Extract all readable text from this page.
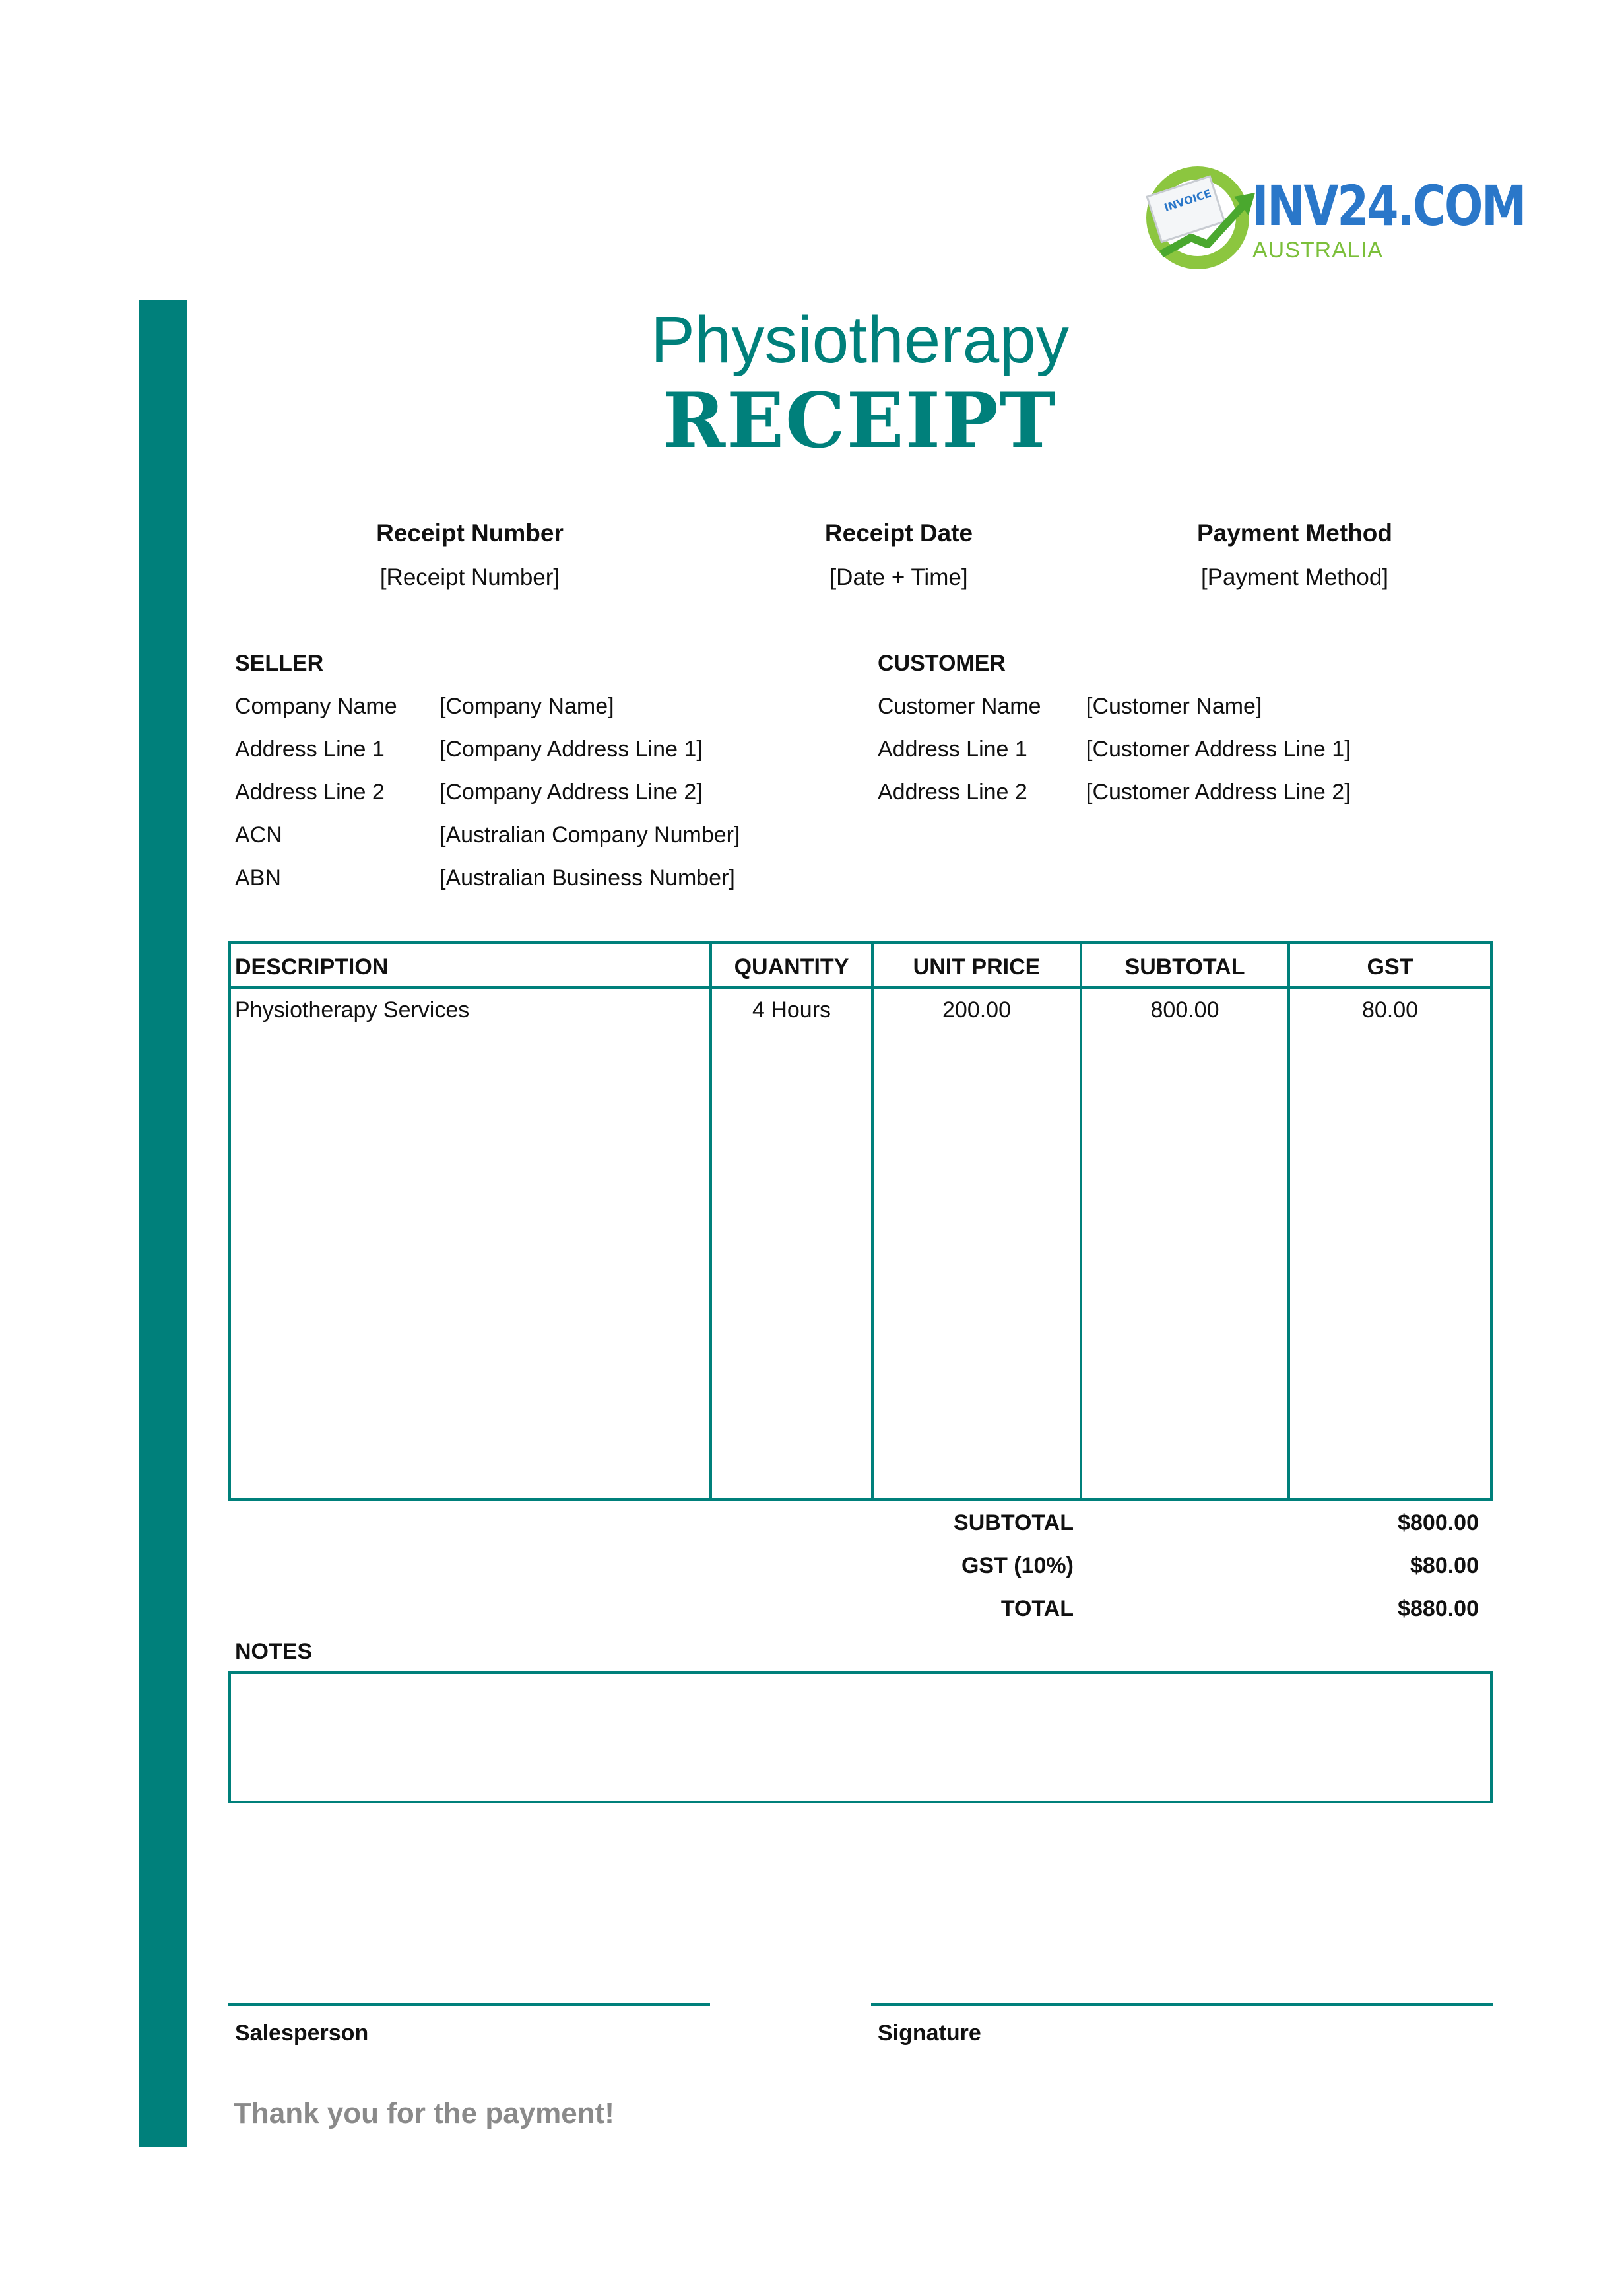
INVOICE INV24.COM
AUSTRALIA
Physiotherapy
RECEIPT
Receipt Number
[Receipt Number]
Receipt Date
[Date + Time]
Payment Method
[Payment Method]
SELLER
Company Name [Company Name]
Address Line 1 [Company Address Line 1]
Address Line 2 [Company Address Line 2]
ACN	[Australian Company Number]
ABN	[Australian Business Number]
CUSTOMER
Customer Name [Customer Name]
Address Line 1	[Customer Address Line 1]
Address Line 2	[Customer Address Line 2]
DESCRIPTION	QUANTITY	UNIT PRICE	SUBTOTAL	GST
Physiotherapy Services	4 Hours	200.00	800.00	80.00
SUBTOTAL	$800.00
GST (10%)	$80.00
TOTAL	$880.00
NOTES
Salesperson	Signature
Thank you for the payment!
